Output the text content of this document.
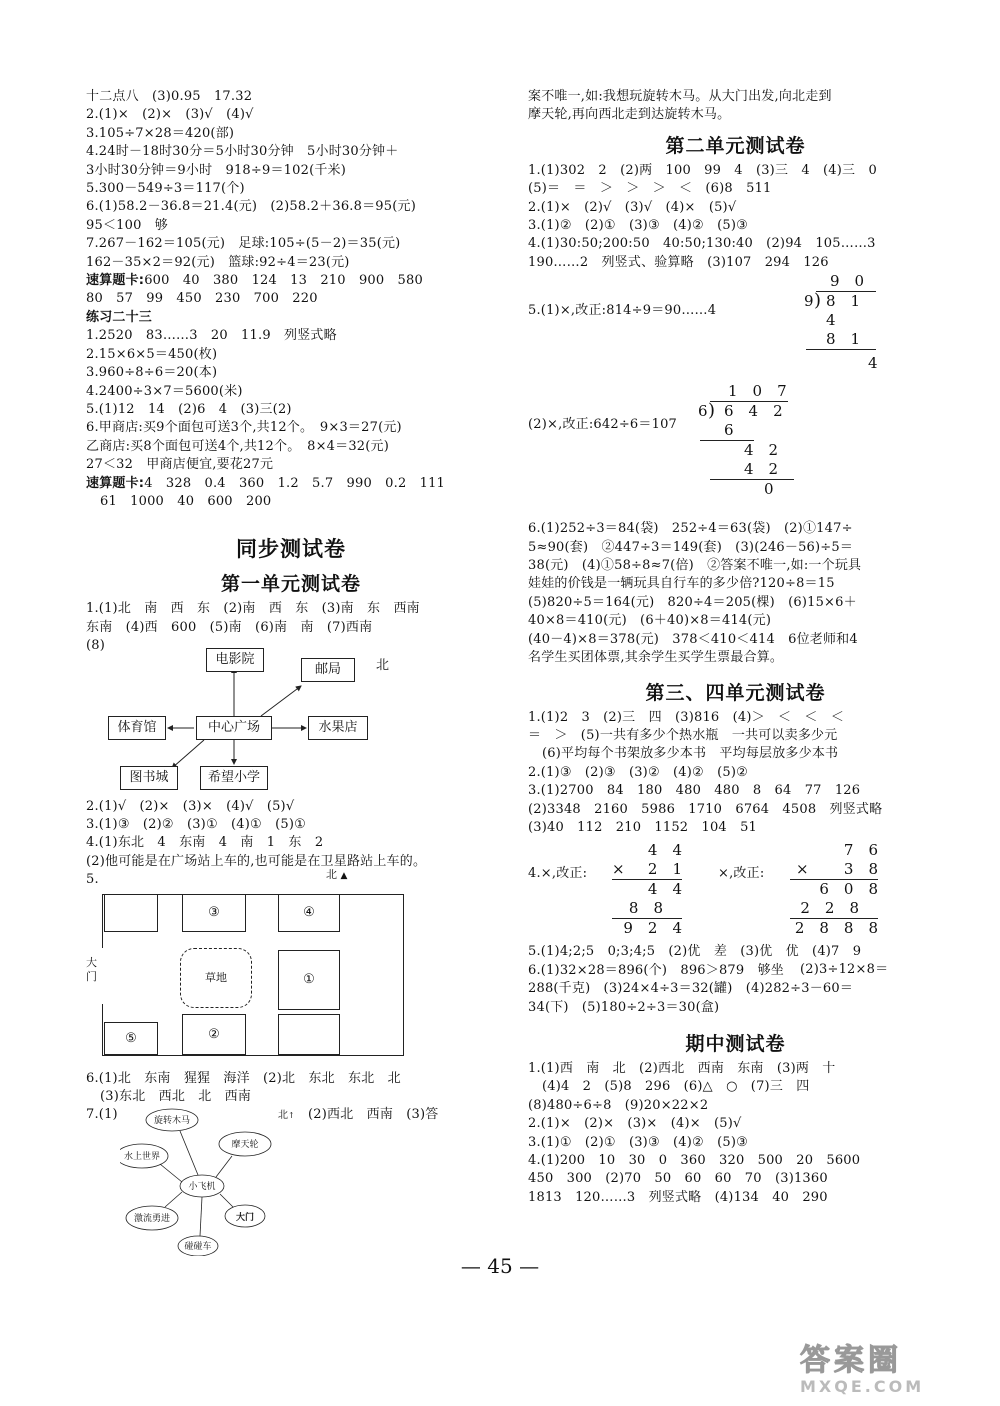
十二点八　(3)0.95　17.32
2.(1)×　(2)×　(3)√　(4)√
3.105÷7×28＝420(部)
4.24时－18时30分＝5小时30分钟　5小时30分钟＋
3小时30分钟＝9小时　918÷9＝102(千米)
5.300－549÷3＝117(个)
6.(1)58.2－36.8＝21.4(元)　(2)58.2＋36.8＝95(元)
95＜100　够
7.267－162＝105(元)　足球:105÷(5－2)＝35(元)
162－35×2＝92(元)　篮球:92÷4＝23(元)
速算题卡:600　40　380　124　13　210　900　580
80　57　99　450　230　700　220
练习二十三
1.2520　83……3　20　11.9　列竖式略
2.15×6×5＝450(枚)
3.960÷8÷6＝20(本)
4.2400÷3×7＝5600(米)
5.(1)12　14　(2)6　4　(3)三(2)
6.甲商店:买9个面包可送3个,共12个。　9×3＝27(元)
乙商店:买8个面包可送4个,共12个。　8×4＝32(元)
27＜32　甲商店便宜,要花27元
速算题卡:4　328　0.4　360　1.2　5.7　990　0.2　111
61　1000　40　600　200
同步测试卷
第一单元测试卷
1.(1)北　南　西　东　(2)南　西　东　(3)南　东　西南
东南　(4)西　600　(5)南　(6)南　南　(7)西南
(8)
电影院
邮局	北
体育馆	中心广场	水果店
图书城	希望小学
2.(1)√　(2)×　(3)×　(4)√　(5)√
3.(1)③　(2)②　(3)①　(4)①　(5)①
4.(1)东北　4　东南　4　南　1　东　2
(2)他可能是在广场站上车的,也可能是在卫星路站上车的。
5.	北 ▲
大门
③	④
①
草地
⑤	②
6.(1)北　东南　猩猩　海洋　(2)北　东北　东北　北
(3)东北　西北　北　西南
7.(1)	(2)西北　西南　(3)答
北↑
旋转木马
水上世界
摩天轮
小飞机
激流勇进	大门
碰碰车
案不唯一,如:我想玩旋转木马。从大门出发,向北走到
摩天轮,再向西北走到达旋转木马。
第二单元测试卷
1.(1)302　2　(2)两　100　99　4　(3)三　4　(4)三　0
(5)＝　＝　＞　＞　＞　＜　(6)8　511
2.(1)×　(2)√　(3)√　(4)×　(5)√
3.(1)②　(2)①　(3)③　(4)②　(5)③
4.(1)30:50;200:50　40:50;130:40　(2)94　105……3
190……2　列竖式、验算略　(3)107　294　126
5.(1)×,改正:814÷9＝90……4
9　0
9 ) 8　1　4
8　1
4
(2)×,改正:642÷6＝107
1　0　7
6 ) 6　4　2
6
4　2
4　2
0
6.(1)252÷3＝84(袋)　252÷4＝63(袋)　(2)①147÷
5≈90(套)　②447÷3＝149(套)　(3)(246－56)÷5＝
38(元)　(4)①58÷8≈7(倍)　②答案不唯一,如:一个玩具
娃娃的价钱是一辆玩具自行车的多少倍?120÷8＝15
(5)820÷5＝164(元)　820÷4＝205(棵)　(6)15×6＋
40×8＝410(元)　(6＋40)×8＝414(元)
(40－4)×8＝378(元)　378＜410＜414　6位老师和4
名学生买团体票,其余学生买学生票最合算。
第三、四单元测试卷
1.(1)2　3　(2)三　四　(3)816　(4)＞　＜　＜　＜
＝　＞　(5)一共有多少个热水瓶　一共可以卖多少元
(6)平均每个书架放多少本书　平均每层放多少本书
2.(1)③　(2)③　(3)②　(4)②　(5)②
3.(1)2700　84　180　480　480　8　64　77　126
(2)3348　2160　5986　1710　6764　4508　列竖式略
(3)40　112　210　1152　104　51
4.×,改正:
4　4
× 2　1
4　4
8　8
9　2　4
×,改正:
7　6
× 3　8
6　0　8
2　2　8
2　8　8　8
5.(1)4;2;5　0;3;4;5　(2)优　差　(3)优　优　(4)7　9
6.(1)32×28＝896(个)　896＞879　够坐
288(千克)　(3)24×4÷3＝32(罐)　(4)282÷3－60＝
34(下)　(5)180÷2÷3＝30(盒)
(2)3÷12×8＝
期中测试卷
1.(1)西　南　北　(2)西北　西南　东南　(3)两　十
(4)4　2　(5)8　296　(6)△　○　(7)三　四
(8)480÷6÷8　(9)20×22×2
2.(1)×　(2)×　(3)×　(4)×　(5)√
3.(1)①　(2)①　(3)③　(4)②　(5)③
4.(1)200　10　30　0　360　320　500　20　5600
450　300　(2)70　50　60　60　70　(3)1360
1813　120……3　列竖式略　(4)134　40　290
— 45 —
答案圈
MXQE.COM
